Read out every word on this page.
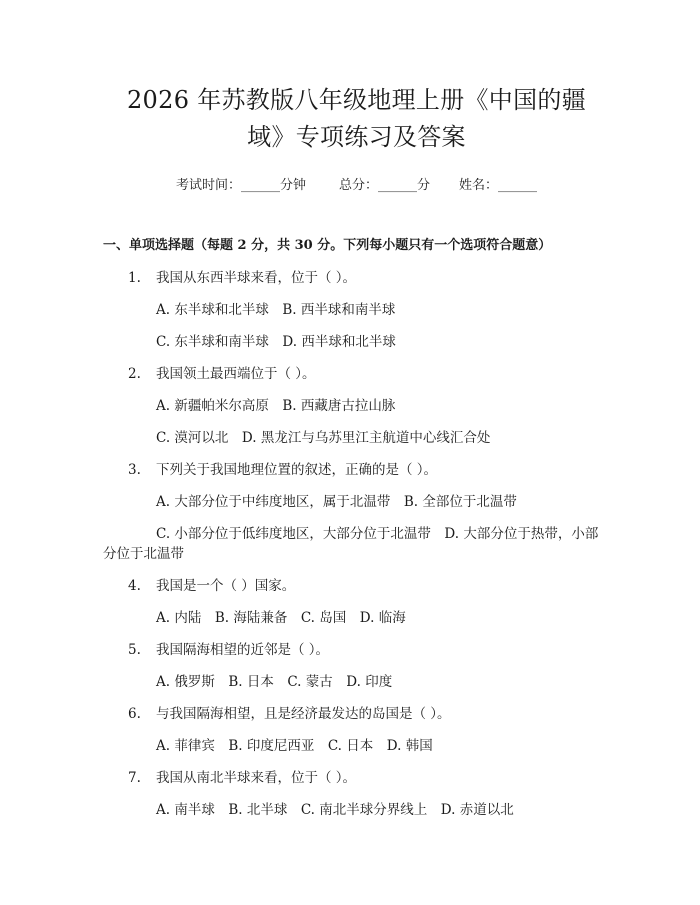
2026 年苏教版八年级地理上册《中国的疆
域》专项练习及答案
考试时间：______分钟	总分：______分 姓名：______
一、单项选择题（每题 2 分，共 30 分。下列每小题只有一个选项符合题意）
1. 我国从东西半球来看，位于（ ）。
A. 东半球和北半球　B. 西半球和南半球
C. 东半球和南半球　D. 西半球和北半球
2. 我国领土最西端位于（ ）。
A. 新疆帕米尔高原　B. 西藏唐古拉山脉
C. 漠河以北　D. 黑龙江与乌苏里江主航道中心线汇合处
3. 下列关于我国地理位置的叙述，正确的是（ ）。
A. 大部分位于中纬度地区，属于北温带　B. 全部位于北温带
C. 小部分位于低纬度地区，大部分位于北温带　D. 大部分位于热带，小部分位于北温带
4. 我国是一个（ ）国家。
A. 内陆　B. 海陆兼备　C. 岛国　D. 临海
5. 我国隔海相望的近邻是（ ）。
A. 俄罗斯　B. 日本　C. 蒙古　D. 印度
6. 与我国隔海相望，且是经济最发达的岛国是（ ）。
A. 菲律宾　B. 印度尼西亚　C. 日本　D. 韩国
7. 我国从南北半球来看，位于（ ）。
A. 南半球　B. 北半球　C. 南北半球分界线上　D. 赤道以北
